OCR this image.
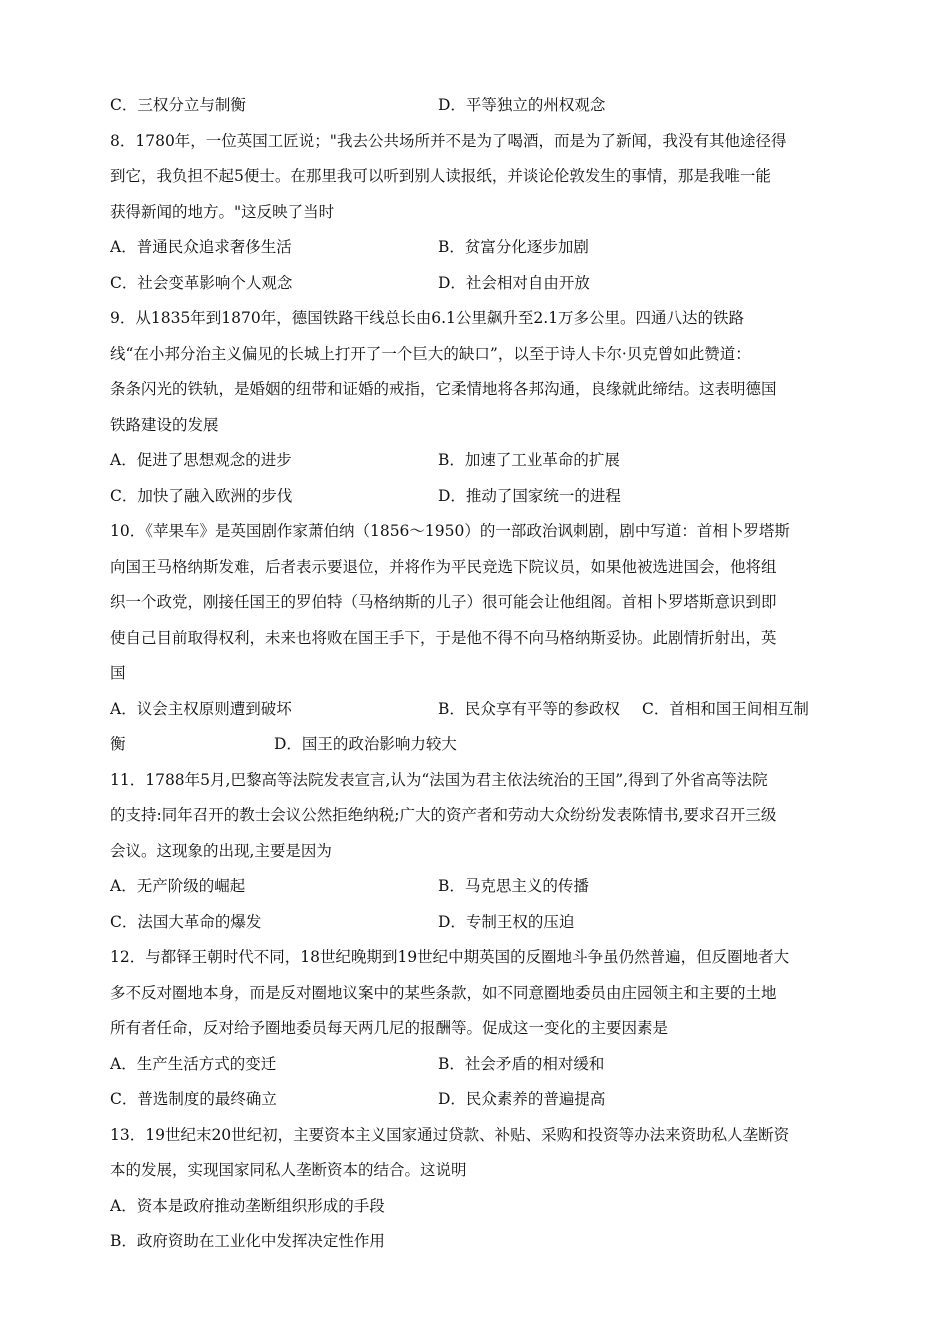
C．三权分立与制衡	D．平等独立的州权观念
8．1780年，一位英国工匠说；"我去公共场所并不是为了喝酒，而是为了新闻，我没有其他途径得
到它，我负担不起5便士。在那里我可以听到别人读报纸，并谈论伦敦发生的事情，那是我唯一能
获得新闻的地方。"这反映了当时
A．普通民众追求奢侈生活	B．贫富分化逐步加剧
C．社会变革影响个人观念	D．社会相对自由开放
9．从1835年到1870年，德国铁路干线总长由6.1公里飙升至2.1万多公里。四通八达的铁路
线“在小邦分治主义偏见的长城上打开了一个巨大的缺口”，以至于诗人卡尔·贝克曾如此赞道：
条条闪光的铁轨，是婚姻的纽带和证婚的戒指，它柔情地将各邦沟通，良缘就此缔结。这表明德国
铁路建设的发展
A．促进了思想观念的进步	B．加速了工业革命的扩展
C．加快了融入欧洲的步伐	D．推动了国家统一的进程
10．《苹果车》是英国剧作家萧伯纳（1856～1950）的一部政治讽刺剧，剧中写道：首相卜罗塔斯
向国王马格纳斯发难，后者表示要退位，并将作为平民竞选下院议员，如果他被选进国会，他将组
织一个政党，刚接任国王的罗伯特（马格纳斯的儿子）很可能会让他组阁。首相卜罗塔斯意识到即
使自己目前取得权利，未来也将败在国王手下，于是他不得不向马格纳斯妥协。此剧情折射出，英
国
A．议会主权原则遭到破坏	B．民众享有平等的参政权 C．首相和国王间相互制
衡	D．国王的政治影响力较大
11．1788年5月,巴黎高等法院发表宣言,认为“法国为君主依法统治的王国”,得到了外省高等法院
的支持:同年召开的教士会议公然拒绝纳税;广大的资产者和劳动大众纷纷发表陈情书,要求召开三级
会议。这现象的出现,主要是因为
A．无产阶级的崛起	B．马克思主义的传播
C．法国大革命的爆发	D．专制王权的压迫
12．与都铎王朝时代不同，18世纪晚期到19世纪中期英国的反圈地斗争虽仍然普遍，但反圈地者大
多不反对圈地本身，而是反对圈地议案中的某些条款，如不同意圈地委员由庄园领主和主要的土地
所有者任命，反对给予圈地委员每天两几尼的报酬等。促成这一变化的主要因素是
A．生产生活方式的变迁	B．社会矛盾的相对缓和
C．普选制度的最终确立	D．民众素养的普遍提高
13．19世纪末20世纪初，主要资本主义国家通过贷款、补贴、采购和投资等办法来资助私人垄断资
本的发展，实现国家同私人垄断资本的结合。这说明
A．资本是政府推动垄断组织形成的手段
B．政府资助在工业化中发挥决定性作用
